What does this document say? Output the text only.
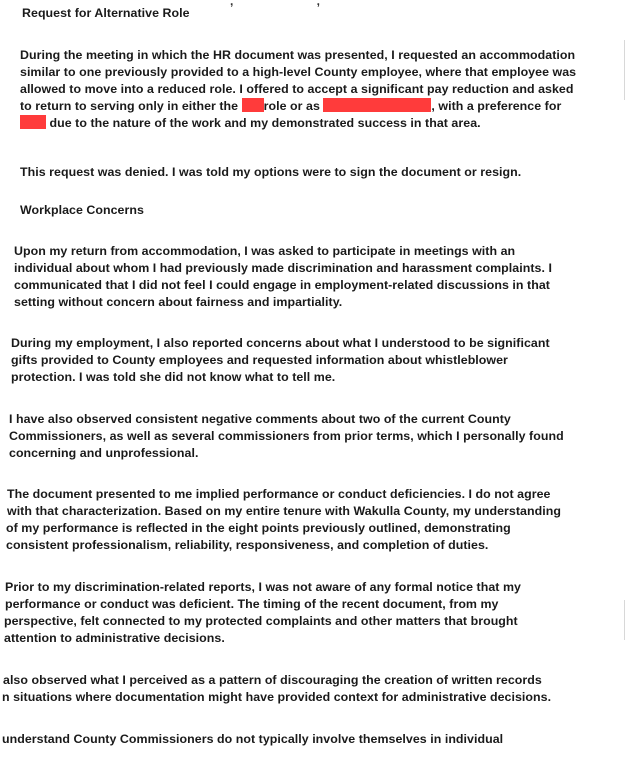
, ,
Request for Alternative Role
During the meeting in which the HR document was presented, I requested an accommodation
similar to one previously provided to a high-level County employee, where that employee was
allowed to move into a reduced role. I offered to accept a significant pay reduction and asked
to return to serving only in either the role or as	, with a preference for
due to the nature of the work and my demonstrated success in that area.
This request was denied. I was told my options were to sign the document or resign.
Workplace Concerns
Upon my return from accommodation, I was asked to participate in meetings with an
individual about whom I had previously made discrimination and harassment complaints. I
communicated that I did not feel I could engage in employment-related discussions in that
setting without concern about fairness and impartiality.
During my employment, I also reported concerns about what I understood to be significant
gifts provided to County employees and requested information about whistleblower
protection. I was told she did not know what to tell me.
I have also observed consistent negative comments about two of the current County
Commissioners, as well as several commissioners from prior terms, which I personally found
concerning and unprofessional.
The document presented to me implied performance or conduct deficiencies. I do not agree
with that characterization. Based on my entire tenure with Wakulla County, my understanding
of my performance is reflected in the eight points previously outlined, demonstrating
consistent professionalism, reliability, responsiveness, and completion of duties.
Prior to my discrimination-related reports, I was not aware of any formal notice that my
performance or conduct was deficient. The timing of the recent document, from my
perspective, felt connected to my protected complaints and other matters that brought
attention to administrative decisions.
also observed what I perceived as a pattern of discouraging the creation of written records
n situations where documentation might have provided context for administrative decisions.
understand County Commissioners do not typically involve themselves in individual
